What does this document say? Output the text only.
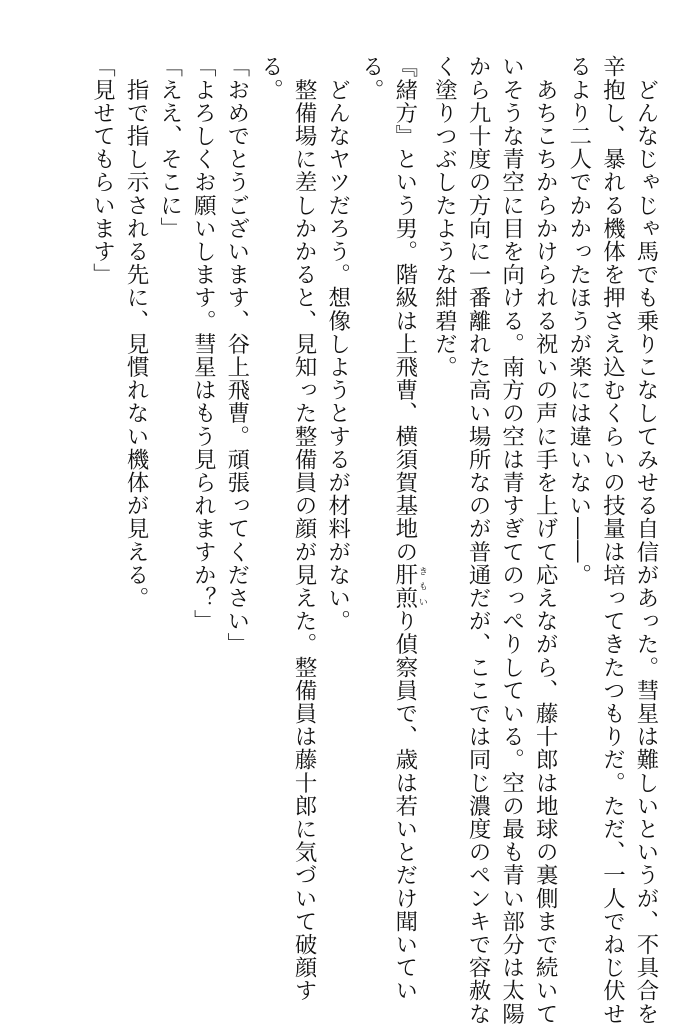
　どんなじゃじゃ馬でも乗りこなしてみせる自信があった。彗星は難しいというが、不具合を
辛抱し、暴れる機体を押さえ込むくらいの技量は培ってきたつもりだ。ただ、一人でねじ伏せ
るより二人でかかったほうが楽には違いない――。
　あちこちからかけられる祝いの声に手を上げて応えながら、藤十郎は地球の裏側まで続いて
いそうな青空に目を向ける。南方の空は青すぎてのっぺりしている。空の最も青い部分は太陽
から九十度の方向に一番離れた高い場所なのが普通だが、ここでは同じ濃度のペンキで容赦な
く塗りつぶしたような紺碧だ。
『緒方』という男。階級は上飛曹、横須賀基地の肝煎 きもいり偵察員で、歳は若いとだけ聞いてい
る。
　どんなヤツだろう。想像しようとするが材料がない。
　整備場に差しかかると、見知った整備員の顔が見えた。整備員は藤十郎に気づいて破顔す
る。
「おめでとうございます、谷上飛曹。頑張ってください」
「よろしくお願いします。彗星はもう見られますか？」
「ええ、そこに」
　指で指し示される先に、見慣れない機体が見える。
「見せてもらいます」
